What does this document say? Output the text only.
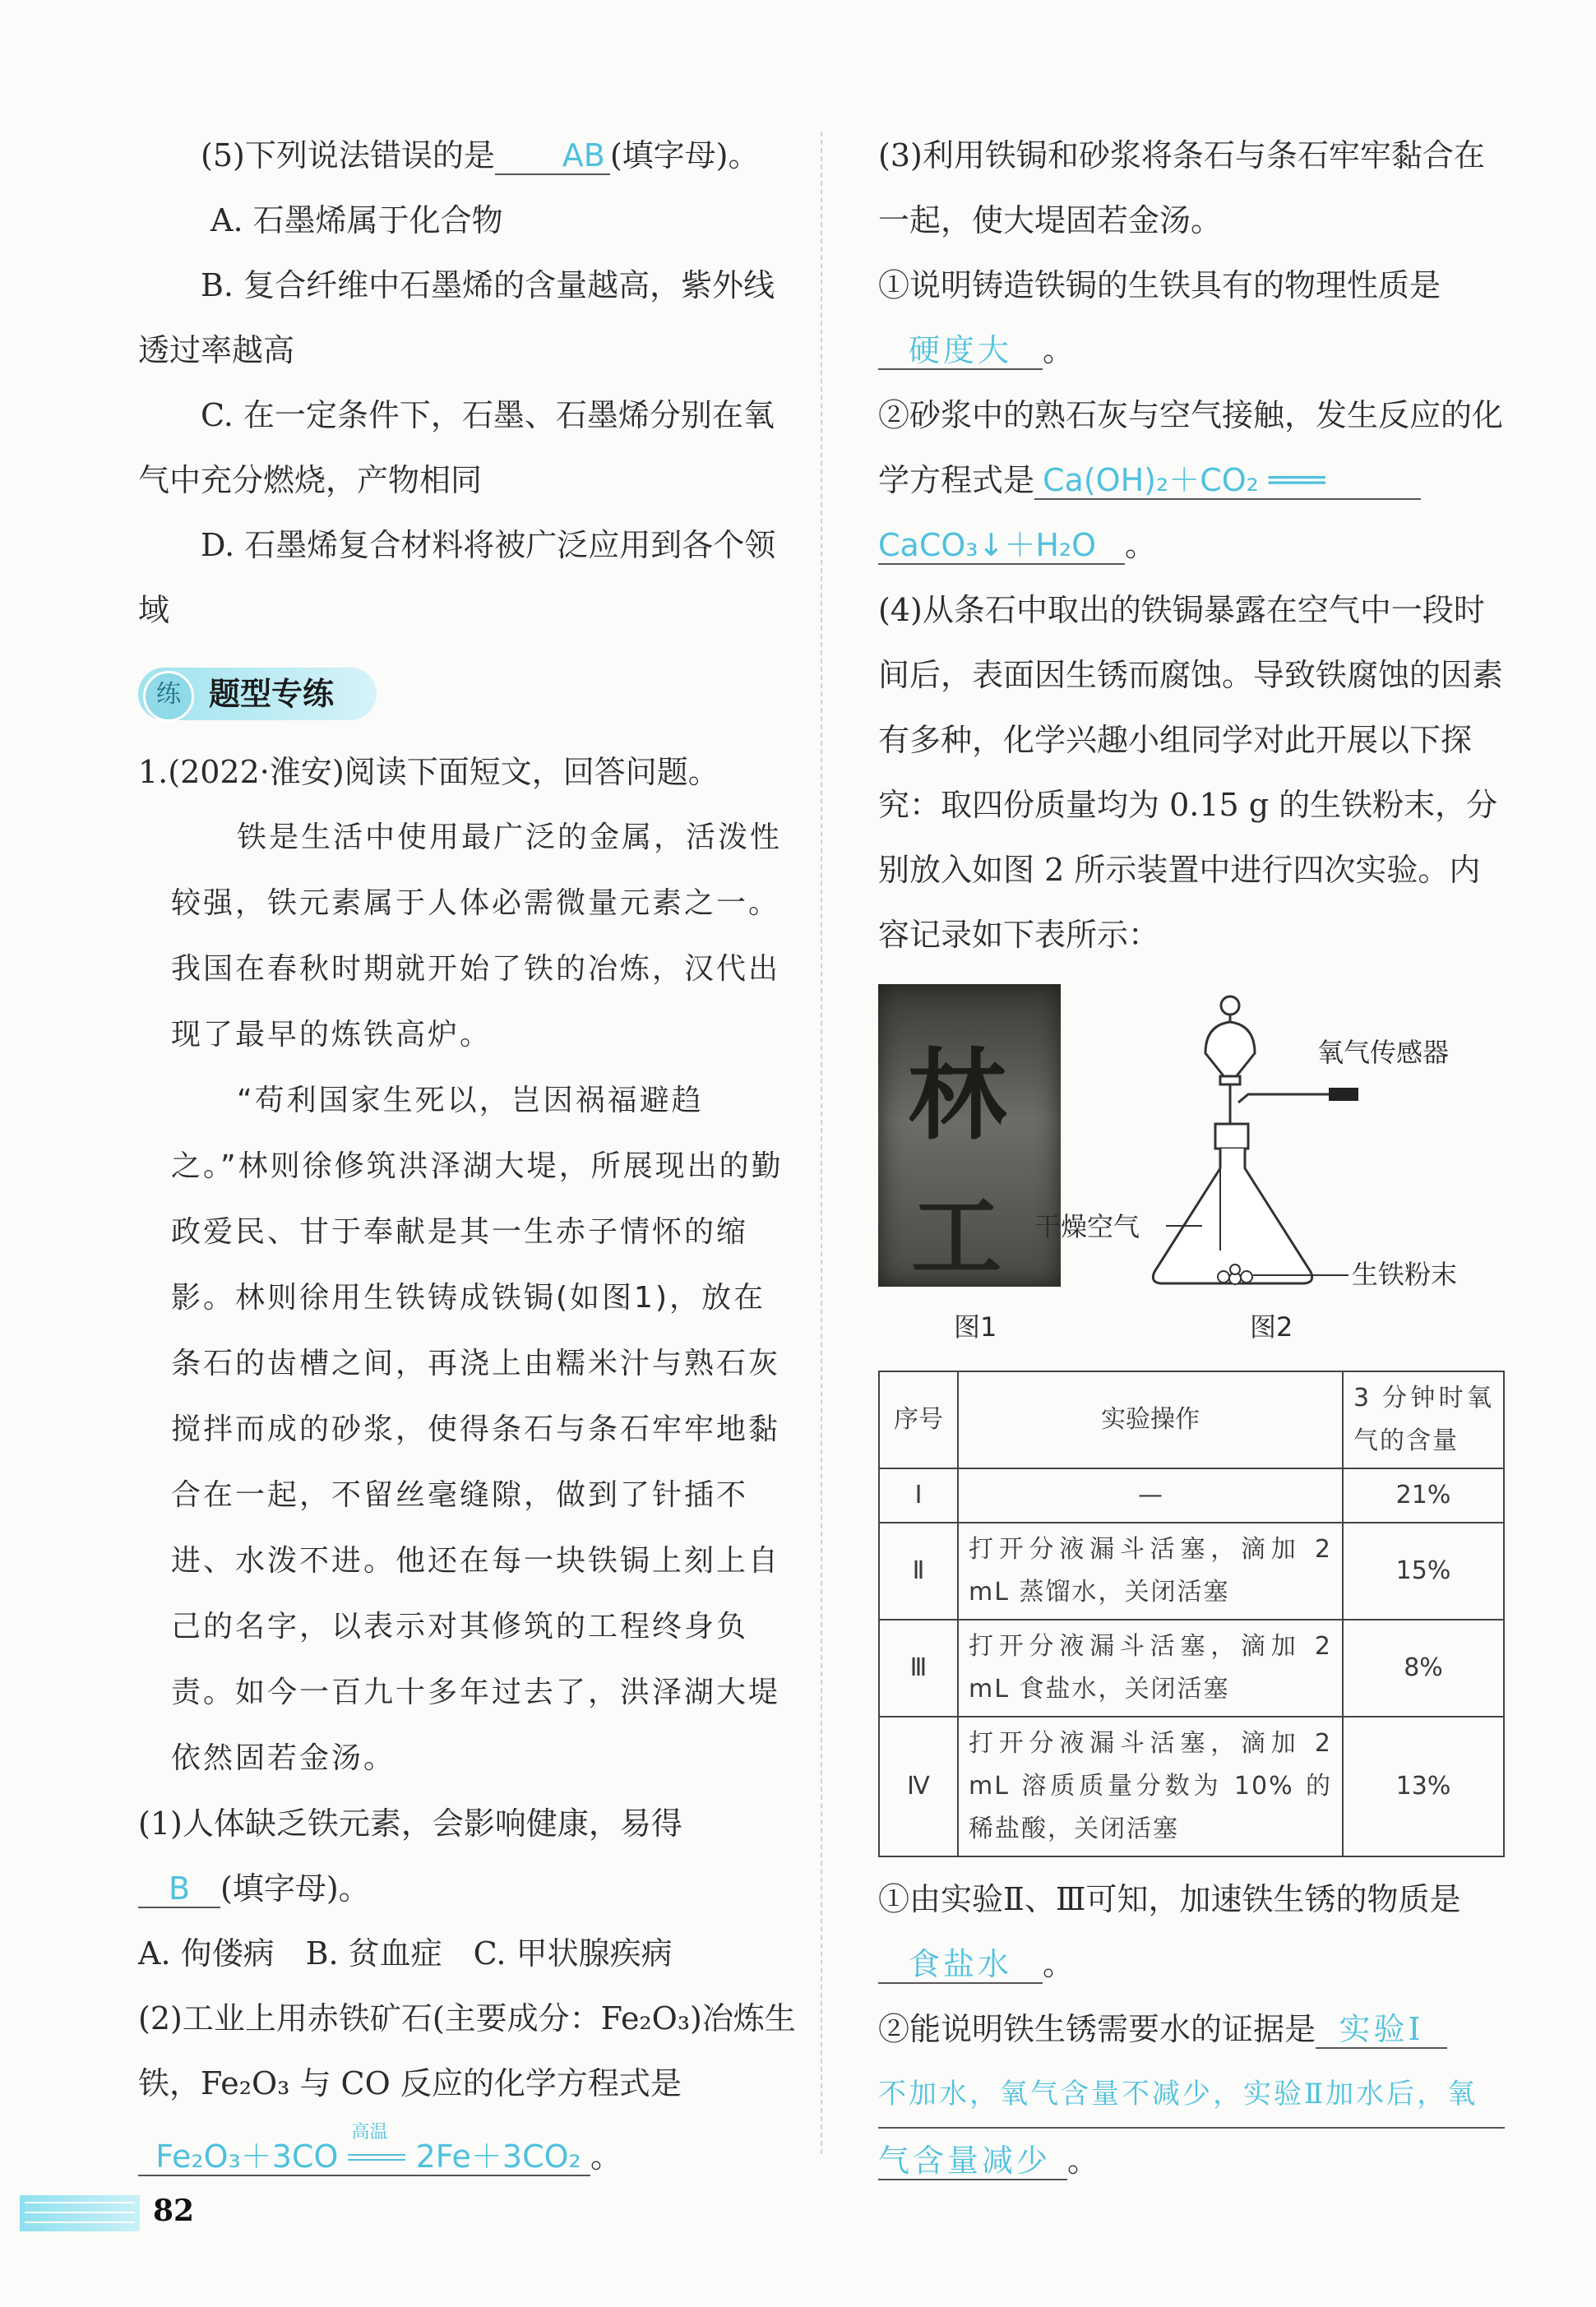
(5)下列说法错误的是 AB (填字母)。

A. 石墨烯属于化合物

B. 复合纤维中石墨烯的含量越高，紫外线透过率越高

C. 在一定条件下，石墨、石墨烯分别在氧气中充分燃烧，产物相同

D. 石墨烯复合材料将被广泛应用到各个领域

练 题型专练

1.(2022·淮安)阅读下面短文，回答问题。

铁是生活中使用最广泛的金属，活泼性较强，铁元素属于人体必需微量元素之一。我国在春秋时期就开始了铁的冶炼，汉代出现了最早的炼铁高炉。

“苟利国家生死以，岂因祸福避趋之。”林则徐修筑洪泽湖大堤，所展现出的勤政爱民、甘于奉献是其一生赤子情怀的缩影。林则徐用生铁铸成铁锔(如图1)，放在条石的齿槽之间，再浇上由糯米汁与熟石灰搅拌而成的砂浆，使得条石与条石牢牢地黏合在一起，不留丝毫缝隙，做到了针插不进、水泼不进。他还在每一块铁锔上刻上自己的名字，以表示对其修筑的工程终身负责。如今一百九十多年过去了，洪泽湖大堤依然固若金汤。

(1)人体缺乏铁元素，会影响健康，易得
B (填字母)。

A. 佝偻病　B. 贫血症　C. 甲状腺疾病

(2)工业上用赤铁矿石(主要成分：Fe₂O₃)冶炼生铁，Fe₂O₃ 与 CO 反应的化学方程式是

Fe₂O₃＋3CO
高温
2Fe＋3CO₂ 。

(3)利用铁锔和砂浆将条石与条石牢牢黏合在一起，使大堤固若金汤。

①说明铸造铁锔的生铁具有的物理性质是
硬度大 。

②砂浆中的熟石灰与空气接触，发生反应的化学方程式是 Ca(OH)₂＋CO₂ ═══
CaCO₃↓＋H₂O 。

(4)从条石中取出的铁锔暴露在空气中一段时间后，表面因生锈而腐蚀。导致铁腐蚀的因素有多种，化学兴趣小组同学对此开展以下探究：取四份质量均为 0.15 g 的生铁粉末，分别放入如图 2 所示装置中进行四次实验。内容记录如下表所示：

林
工
图1
氧气传感器
生铁粉末
干燥空气
图2
序号	实验操作	3 分钟时氧气的含量
Ⅰ	—	21%
Ⅱ	打开分液漏斗活塞，滴加 2 mL 蒸馏水，关闭活塞	15%
Ⅲ	打开分液漏斗活塞，滴加 2 mL 食盐水，关闭活塞	8%
Ⅳ	打开分液漏斗活塞，滴加 2 mL 溶质质量分数为 10% 的稀盐酸，关闭活塞	13%

①由实验Ⅱ、Ⅲ可知，加速铁生锈的物质是
食盐水 。

②能说明铁生锈需要水的证据是 实验Ⅰ

不加水，氧气含量不减少，实验Ⅱ加水后，氧

气含量减少 。

82
